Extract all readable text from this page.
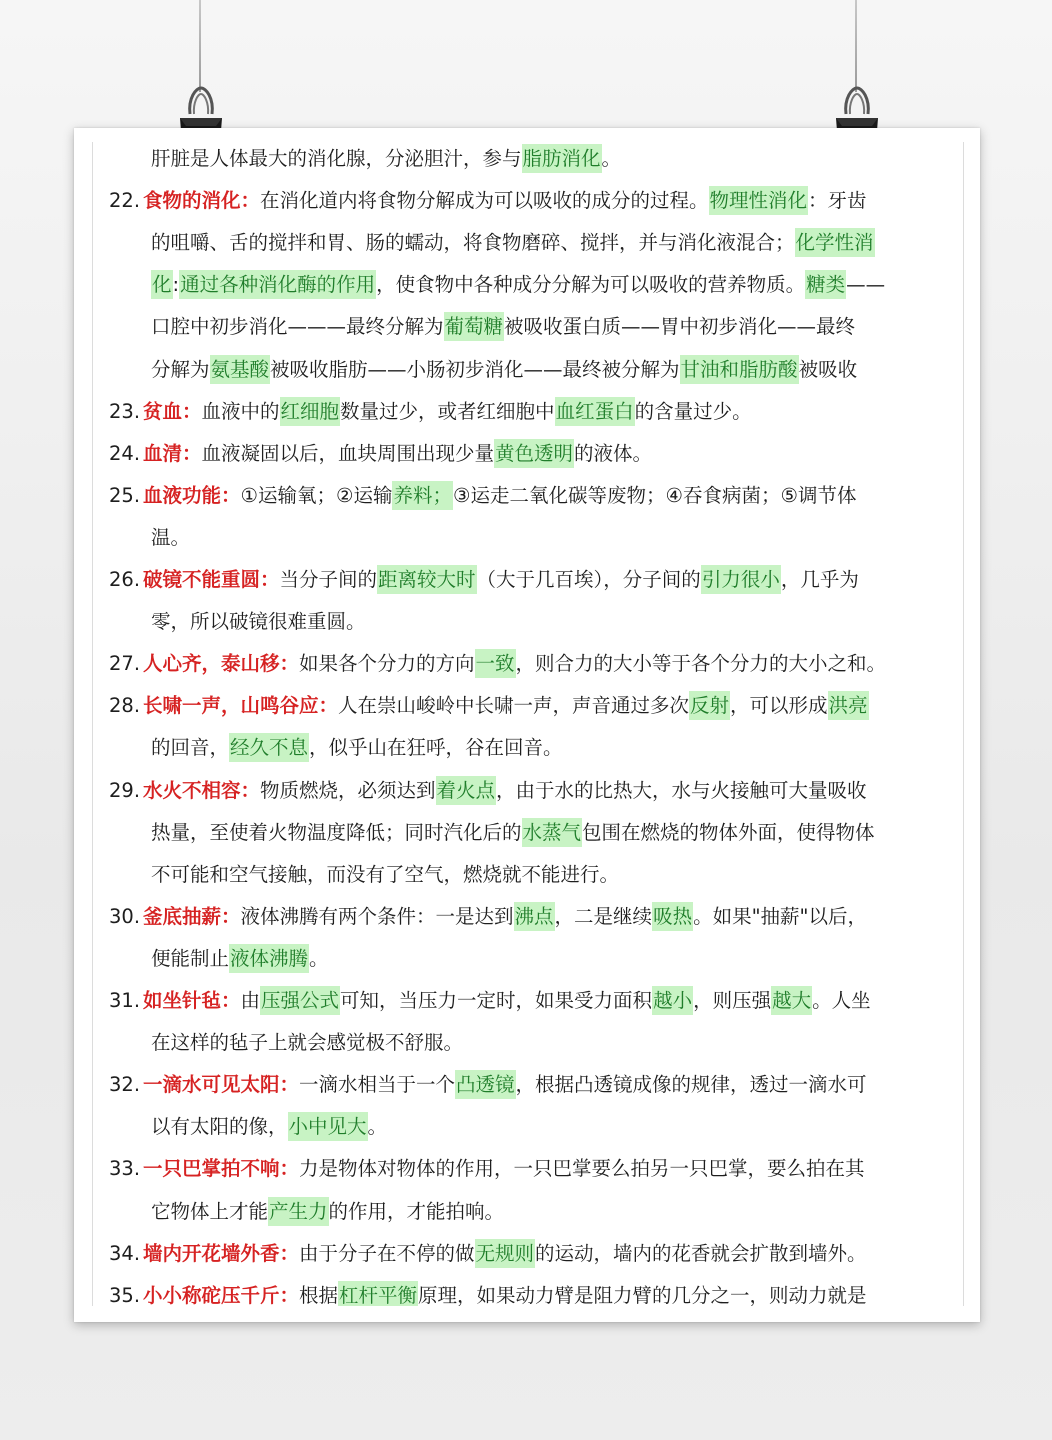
肝脏是人体最大的消化腺，分泌胆汁，参与脂肪消化。
22. 食物的消化：在消化道内将食物分解成为可以吸收的成分的过程。物理性消化：牙齿
的咀嚼、舌的搅拌和胃、肠的蠕动，将食物磨碎、搅拌，并与消化液混合；化学性消
化:通过各种消化酶的作用，使食物中各种成分分解为可以吸收的营养物质。糖类——
口腔中初步消化———最终分解为葡萄糖被吸收蛋白质——胃中初步消化——最终
分解为氨基酸被吸收脂肪——小肠初步消化——最终被分解为甘油和脂肪酸被吸收
23. 贫血：血液中的红细胞数量过少，或者红细胞中血红蛋白的含量过少。
24. 血清：血液凝固以后，血块周围出现少量黄色透明的液体。
25. 血液功能：①运输氧；②运输养料；③运走二氧化碳等废物；④吞食病菌；⑤调节体
温。
26. 破镜不能重圆：当分子间的距离较大时（大于几百埃），分子间的引力很小，几乎为
零，所以破镜很难重圆。
27. 人心齐，泰山移：如果各个分力的方向一致，则合力的大小等于各个分力的大小之和。
28. 长啸一声，山鸣谷应：人在崇山峻岭中长啸一声，声音通过多次反射，可以形成洪亮
的回音，经久不息，似乎山在狂呼，谷在回音。
29. 水火不相容：物质燃烧，必须达到着火点，由于水的比热大，水与火接触可大量吸收
热量，至使着火物温度降低；同时汽化后的水蒸气包围在燃烧的物体外面，使得物体
不可能和空气接触，而没有了空气，燃烧就不能进行。
30. 釜底抽薪：液体沸腾有两个条件：一是达到沸点，二是继续吸热。如果"抽薪"以后，
便能制止液体沸腾。
31. 如坐针毡：由压强公式可知，当压力一定时，如果受力面积越小，则压强越大。人坐
在这样的毡子上就会感觉极不舒服。
32. 一滴水可见太阳：一滴水相当于一个凸透镜，根据凸透镜成像的规律，透过一滴水可
以有太阳的像，小中见大。
33. 一只巴掌拍不响：力是物体对物体的作用，一只巴掌要么拍另一只巴掌，要么拍在其
它物体上才能产生力的作用，才能拍响。
34. 墙内开花墙外香：由于分子在不停的做无规则的运动，墙内的花香就会扩散到墙外。
35. 小小称砣压千斤：根据杠杆平衡原理，如果动力臂是阻力臂的几分之一，则动力就是
